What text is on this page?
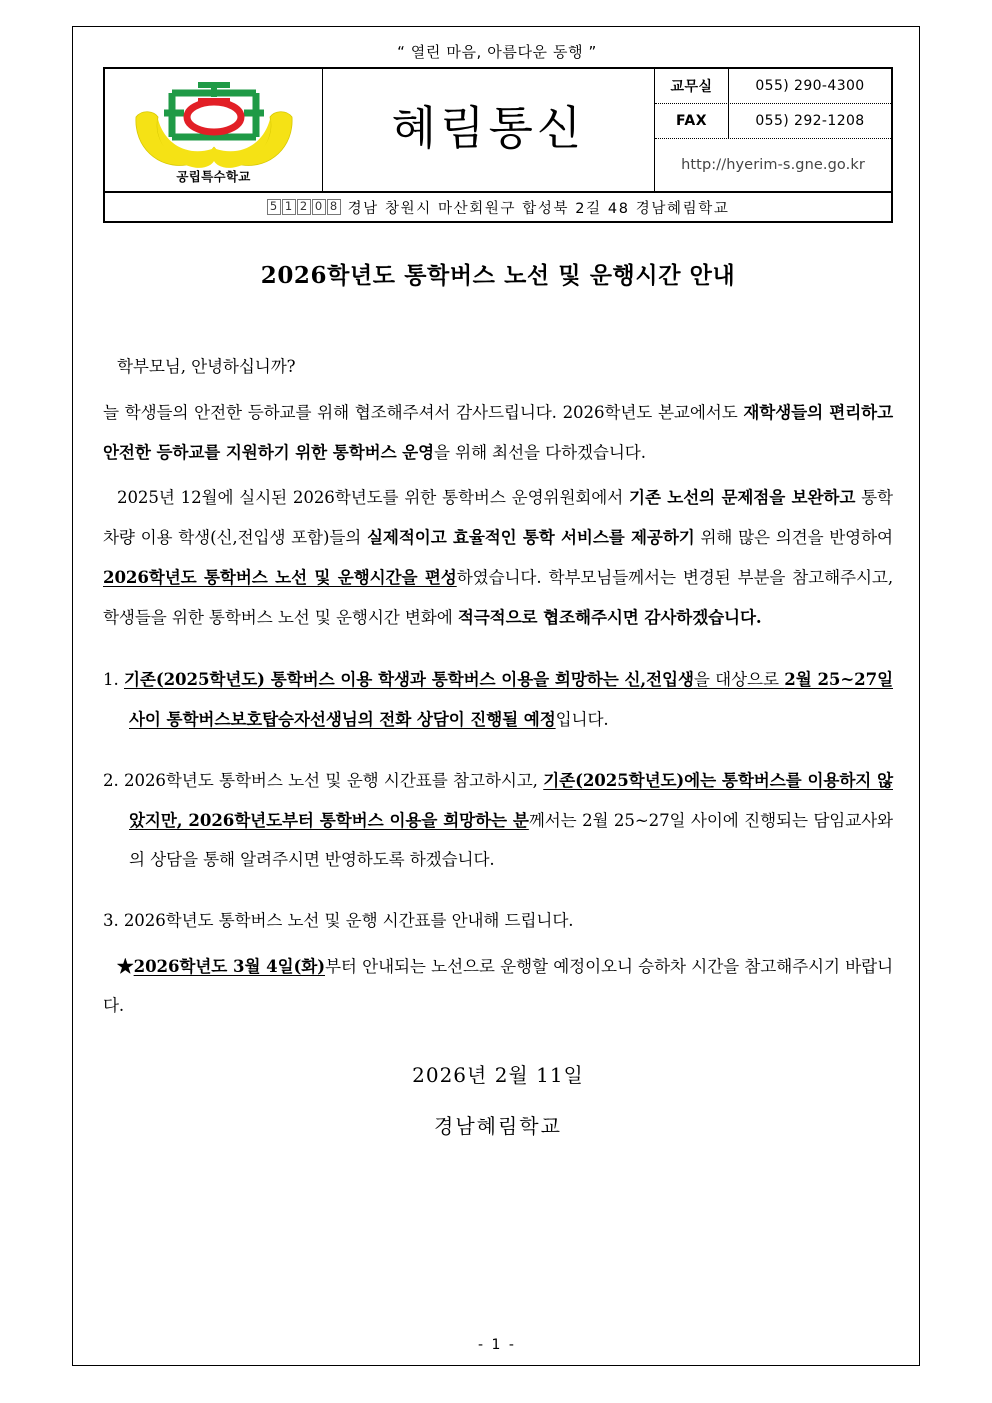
“ 열린 마음, 아름다운 동행 ”
공립특수학교
혜림통신
교무실	055) 290-4300
FAX	055) 292-1208
http://hyerim-s.gne.go.kr
5 1 2 0 8 경남 창원시 마산회원구 합성북 2길 48 경남혜림학교
2026학년도 통학버스 노선 및 운행시간 안내

학부모님, 안녕하십니까?

늘 학생들의 안전한 등하교를 위해 협조해주셔서 감사드립니다. 2026학년도 본교에서도 재학생들의 편리하고 안전한 등하교를 지원하기 위한 통학버스 운영을 위해 최선을 다하겠습니다.

2025년 12월에 실시된 2026학년도를 위한 통학버스 운영위원회에서 기존 노선의 문제점을 보완하고 통학차량 이용 학생(신,전입생 포함)들의 실제적이고 효율적인 통학 서비스를 제공하기 위해 많은 의견을 반영하여 2026학년도 통학버스 노선 및 운행시간을 편성하였습니다. 학부모님들께서는 변경된 부분을 참고해주시고, 학생들을 위한 통학버스 노선 및 운행시간 변화에 적극적으로 협조해주시면 감사하겠습니다.

1. 기존(2025학년도) 통학버스 이용 학생과 통학버스 이용을 희망하는 신,전입생을 대상으로 2월 25~27일 사이 통학버스보호탑승자선생님의 전화 상담이 진행될 예정입니다.

2. 2026학년도 통학버스 노선 및 운행 시간표를 참고하시고, 기존(2025학년도)에는 통학버스를 이용하지 않았지만, 2026학년도부터 통학버스 이용을 희망하는 분께서는 2월 25~27일 사이에 진행되는 담임교사와의 상담을 통해 알려주시면 반영하도록 하겠습니다.

3. 2026학년도 통학버스 노선 및 운행 시간표를 안내해 드립니다.

★2026학년도 3월 4일(화)부터 안내되는 노선으로 운행할 예정이오니 승하차 시간을 참고해주시기 바랍니다.

2026년 2월 11일
경남혜림학교
- 1 -
